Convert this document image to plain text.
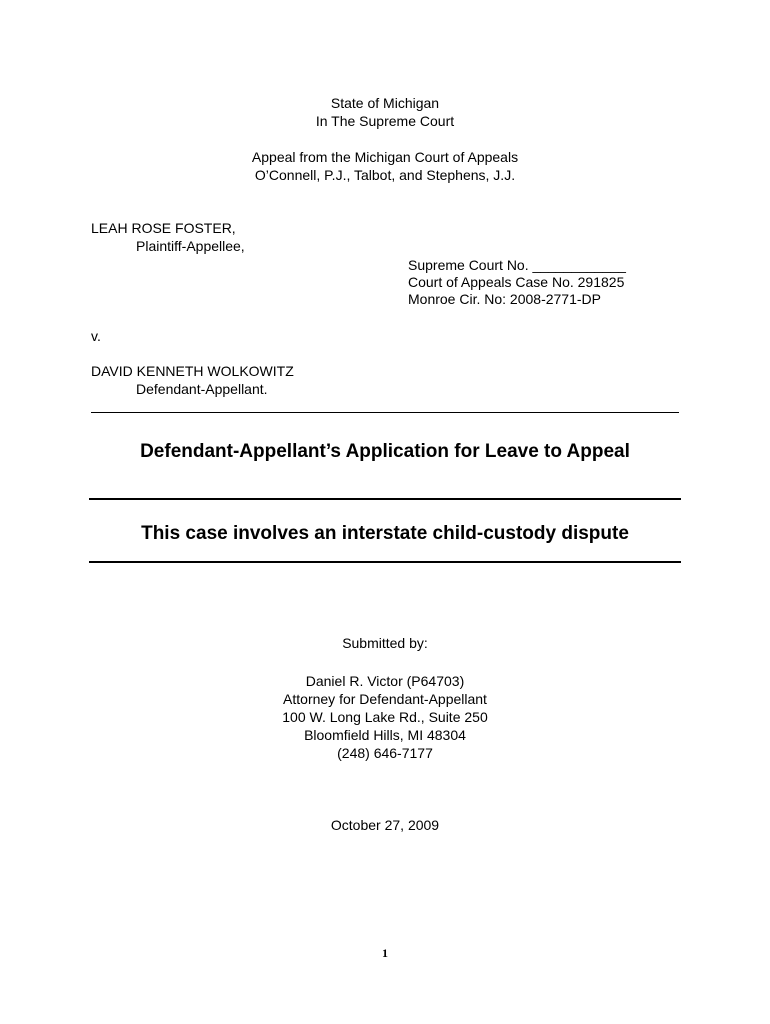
State of Michigan
In The Supreme Court
Appeal from the Michigan Court of Appeals
O’Connell, P.J., Talbot, and Stephens, J.J.
LEAH ROSE FOSTER,
Plaintiff-Appellee,
Supreme Court No. ____________
Court of Appeals Case No. 291825
Monroe Cir. No: 2008-2771-DP
v.
DAVID KENNETH WOLKOWITZ
Defendant-Appellant.
Defendant-Appellant’s Application for Leave to Appeal
This case involves an interstate child-custody dispute
Submitted by:
Daniel R. Victor (P64703)
Attorney for Defendant-Appellant
100 W. Long Lake Rd., Suite 250
Bloomfield Hills, MI 48304
(248) 646-7177
October 27, 2009
1
